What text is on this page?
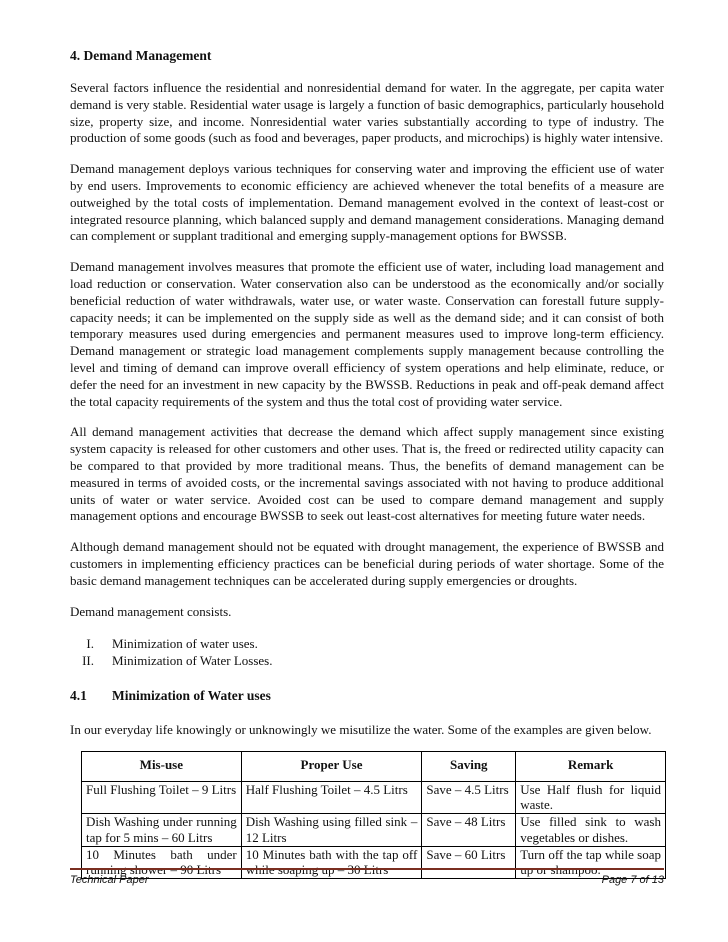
4. Demand Management

Several factors influence the residential and nonresidential demand for water. In the aggregate, per capita water demand is very stable. Residential water usage is largely a function of basic demographics, particularly household size, property size, and income. Nonresidential water varies substantially according to type of industry. The production of some goods (such as food and beverages, paper products, and microchips) is highly water intensive.

Demand management deploys various techniques for conserving water and improving the efficient use of water by end users. Improvements to economic efficiency are achieved whenever the total benefits of a measure are outweighed by the total costs of implementation. Demand management evolved in the context of least-cost or integrated resource planning, which balanced supply and demand management considerations. Managing demand can complement or supplant traditional and emerging supply-management options for BWSSB.

Demand management involves measures that promote the efficient use of water, including load management and load reduction or conservation. Water conservation also can be understood as the economically and/or socially beneficial reduction of water withdrawals, water use, or water waste. Conservation can forestall future supply-capacity needs; it can be implemented on the supply side as well as the demand side; and it can consist of both temporary measures used during emergencies and permanent measures used to improve long-term efficiency. Demand management or strategic load management complements supply management because controlling the level and timing of demand can improve overall efficiency of system operations and help eliminate, reduce, or defer the need for an investment in new capacity by the BWSSB. Reductions in peak and off-peak demand affect the total capacity requirements of the system and thus the total cost of providing water service.

All demand management activities that decrease the demand which affect supply management since existing system capacity is released for other customers and other uses. That is, the freed or redirected utility capacity can be compared to that provided by more traditional means. Thus, the benefits of demand management can be measured in terms of avoided costs, or the incremental savings associated with not having to produce additional units of water or water service. Avoided cost can be used to compare demand management and supply management options and encourage BWSSB to seek out least-cost alternatives for meeting future water needs.

Although demand management should not be equated with drought management, the experience of BWSSB and customers in implementing efficiency practices can be beneficial during periods of water shortage. Some of the basic demand management techniques can be accelerated during supply emergencies or droughts.

Demand management consists.

I. Minimization of water uses.
II. Minimization of Water Losses.
4.1	Minimization of Water uses

In our everyday life knowingly or unknowingly we misutilize the water. Some of the examples are given below.

Mis-use	Proper Use	Saving	Remark
Full Flushing Toilet – 9 Litrs	Half Flushing Toilet – 4.5 Litrs	Save – 4.5 Litrs	Use Half flush for liquid waste.
Dish Washing under running tap for 5 mins – 60 Litrs	Dish Washing using filled sink – 12 Litrs	Save – 48 Litrs	Use filled sink to wash vegetables or dishes.
10 Minutes bath under running shower – 90 Litrs	10 Minutes bath with the tap off while soaping up – 30 Litrs	Save – 60 Litrs	Turn off the tap while soap up or shampoo.
Technical Paper	Page 7 of 13
